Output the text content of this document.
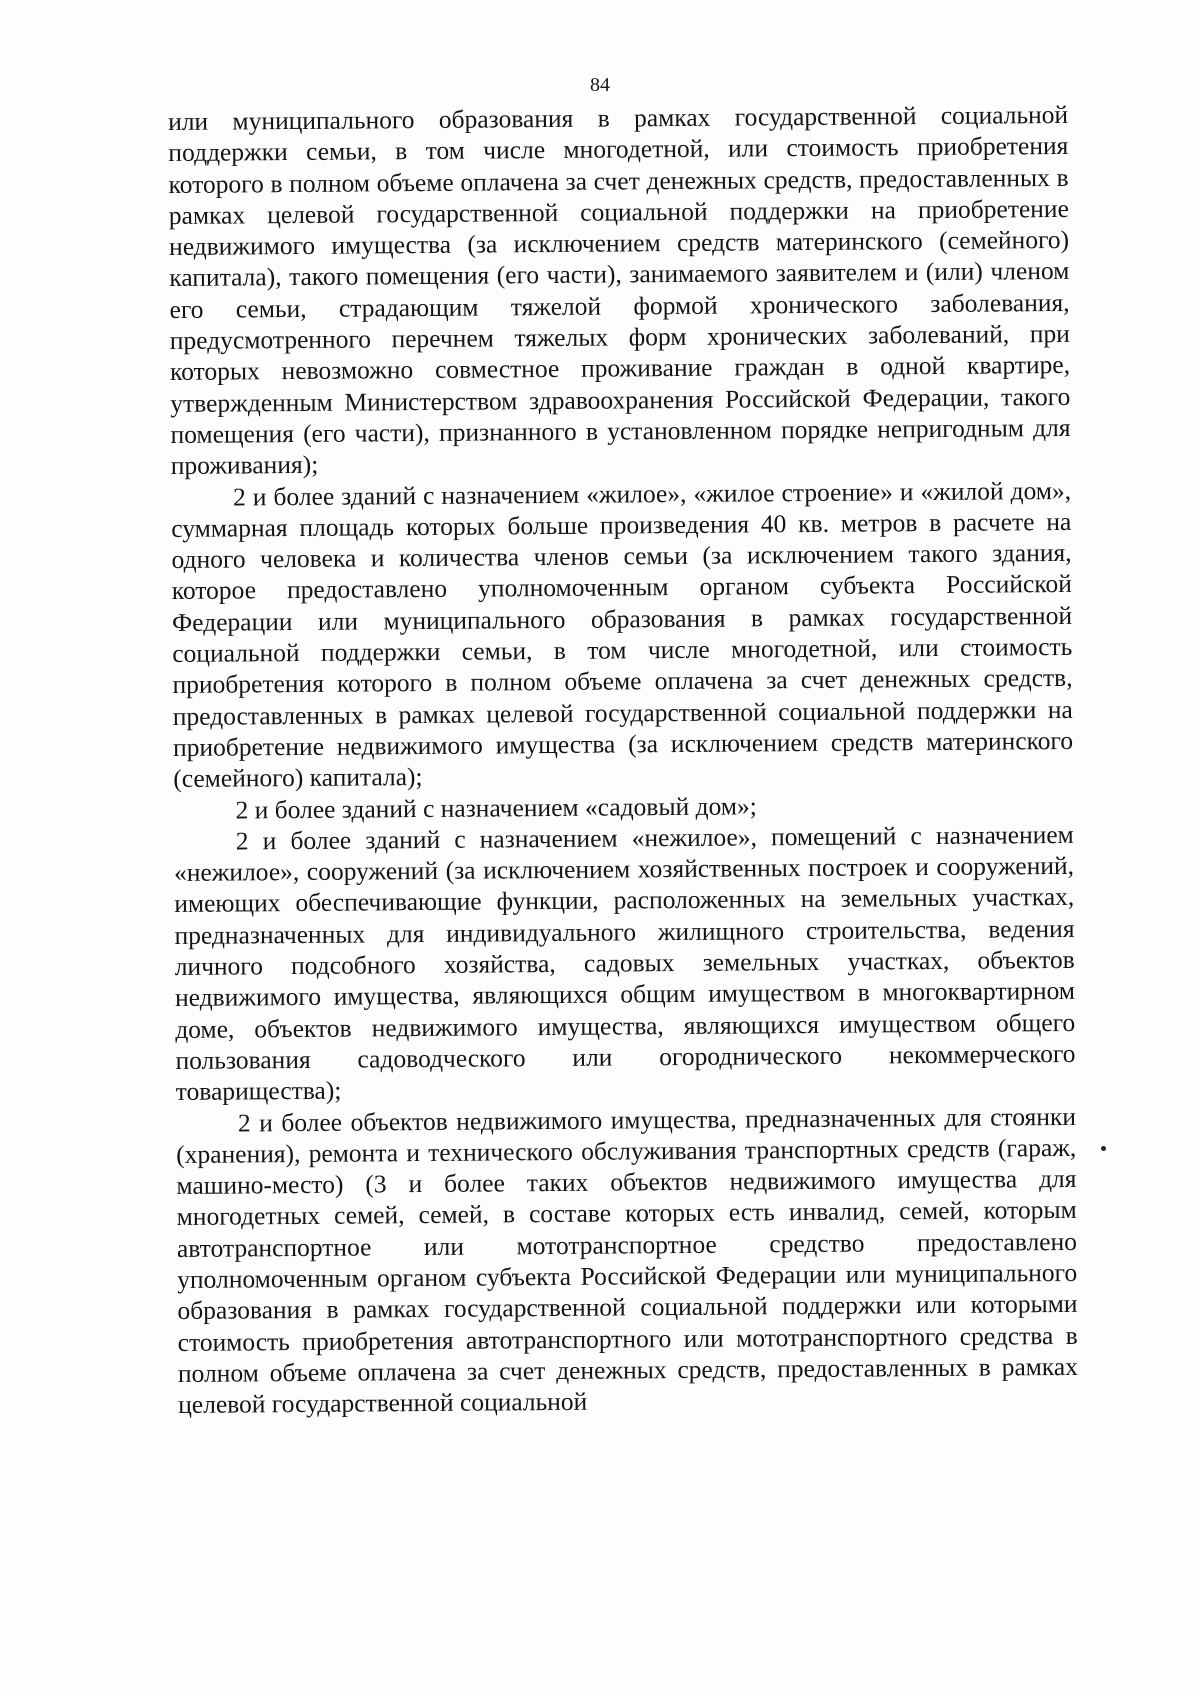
84

или муниципального образования в рамках государственной социальной поддержки семьи, в том числе многодетной, или стоимость приобретения которого в полном объеме оплачена за счет денежных средств, предоставленных в рамках целевой государственной социальной поддержки на приобретение недвижимого имущества (за исключением средств материнского (семейного) капитала), такого помещения (его части), занимаемого заявителем и (или) членом его семьи, страдающим тяжелой формой хронического заболевания, предусмотренного перечнем тяжелых форм хронических заболеваний, при которых невозможно совместное проживание граждан в одной квартире, утвержденным Министерством здравоохранения Российской Федерации, такого помещения (его части), признанного в установленном порядке непригодным для проживания);

2 и более зданий с назначением «жилое», «жилое строение» и «жилой дом», суммарная площадь которых больше произведения 40 кв. метров в расчете на одного человека и количества членов семьи (за исключением такого здания, которое предоставлено уполномоченным органом субъекта Российской Федерации или муниципального образования в рамках государственной социальной поддержки семьи, в том числе многодетной, или стоимость приобретения которого в полном объеме оплачена за счет денежных средств, предоставленных в рамках целевой государственной социальной поддержки на приобретение недвижимого имущества (за исключением средств материнского (семейного) капитала);

2 и более зданий с назначением «садовый дом»;

2 и более зданий с назначением «нежилое», помещений с назначением «нежилое», сооружений (за исключением хозяйственных построек и сооружений, имеющих обеспечивающие функции, расположенных на земельных участках, предназначенных для индивидуального жилищного строительства, ведения личного подсобного хозяйства, садовых земельных участках, объектов недвижимого имущества, являющихся общим имуществом в многоквартирном доме, объектов недвижимого имущества, являющихся имуществом общего пользования садоводческого или огороднического некоммерческого товарищества);

2 и более объектов недвижимого имущества, предназначенных для стоянки (хранения), ремонта и технического обслуживания транспортных средств (гараж, машино-место) (3 и более таких объектов недвижимого имущества для многодетных семей, семей, в составе которых есть инвалид, семей, которым автотранспортное или мототранспортное средство предоставлено уполномоченным органом субъекта Российской Федерации или муниципального образования в рамках государственной социальной поддержки или которыми стоимость приобретения автотранспортного или мототранспортного средства в полном объеме оплачена за счет денежных средств, предоставленных в рамках целевой государственной социальной
